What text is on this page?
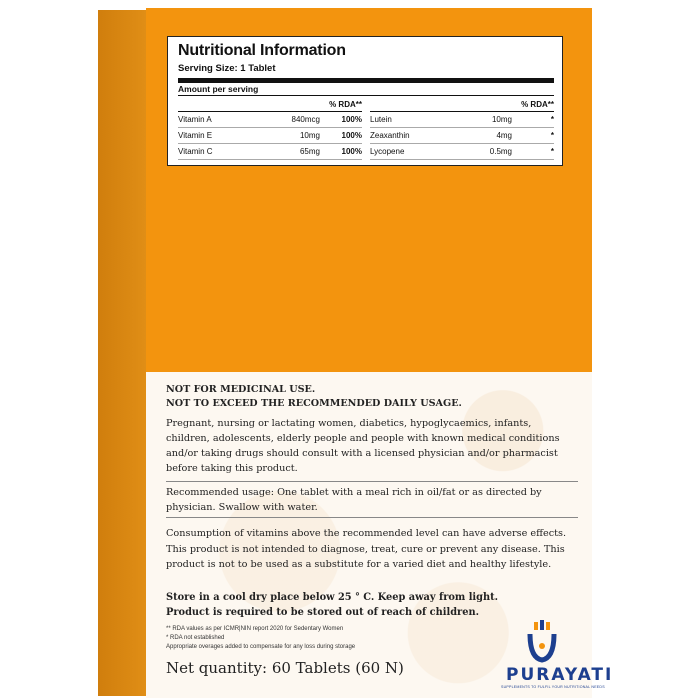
Nutritional Information
Serving Size: 1 Tablet
Amount per serving
		% RDA**
Vitamin A	840mcg	100%
Vitamin E	10mg	100%
Vitamin C	65mg	100%
		% RDA**
Lutein	10mg	*
Zeaxanthin	4mg	*
Lycopene	0.5mg	*
NOT FOR MEDICINAL USE.
NOT TO EXCEED THE RECOMMENDED DAILY USAGE.
Pregnant, nursing or lactating women, diabetics, hypoglycaemics, infants, children, adolescents, elderly people and people with known medical conditions and/or taking drugs should consult with a licensed physician and/or pharmacist before taking this product.
Recommended usage: One tablet with a meal rich in oil/fat or as directed by physician. Swallow with water.
Consumption of vitamins above the recommended level can have adverse effects. This product is not intended to diagnose, treat, cure or prevent any disease. This product is not to be used as a substitute for a varied diet and healthy lifestyle.
Store in a cool dry place below 25 ° C. Keep away from light.
Product is required to be stored out of reach of children.
** RDA values as per ICMR|NIN report 2020 for Sedentary Women
* RDA not established
Appropriate overages added to compensate for any loss during storage
Net quantity: 60 Tablets (60 N)	PURAYATI
SUPPLEMENTS TO FULFIL YOUR NUTRITIONAL NEEDS
